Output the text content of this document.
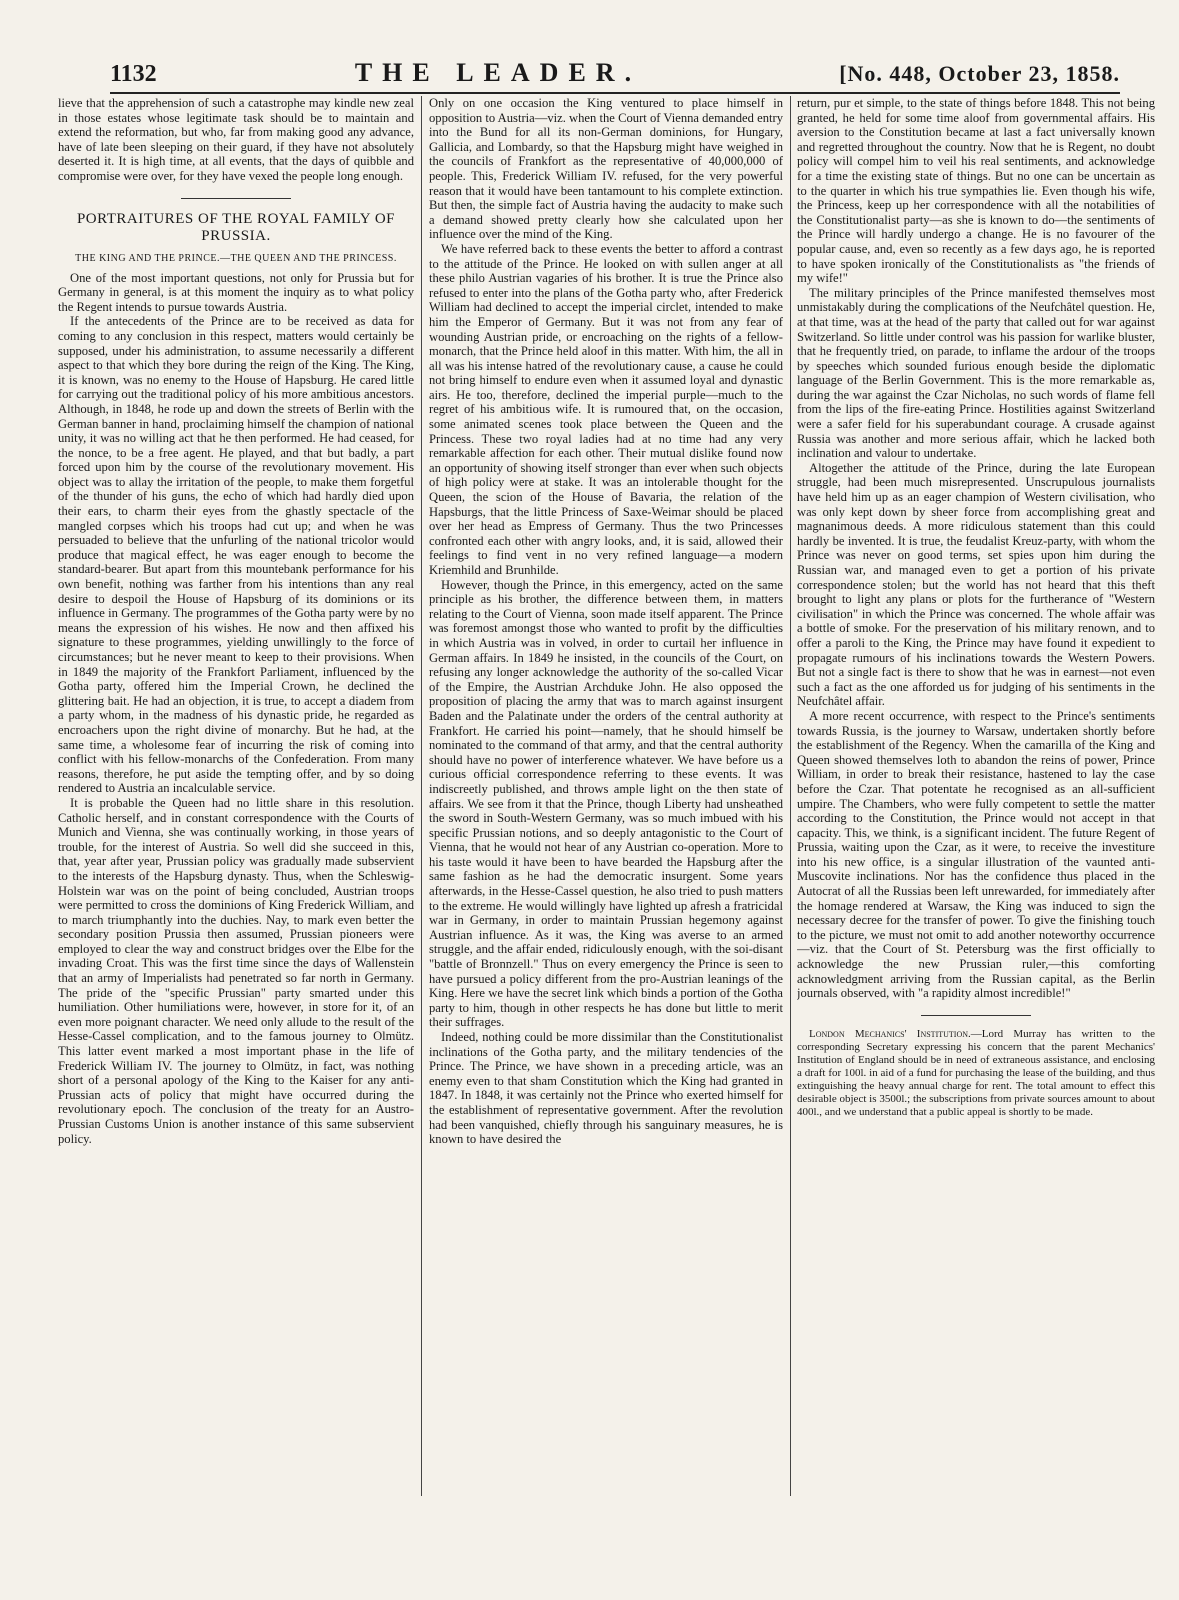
1132	THE LEADER.	[No. 448, October 23, 1858.

lieve that the apprehension of such a catastrophe may kindle new zeal in those estates whose legitimate task should be to maintain and extend the reformation, but who, far from making good any advance, have of late been sleeping on their guard, if they have not absolutely deserted it. It is high time, at all events, that the days of quibble and compromise were over, for they have vexed the people long enough.

PORTRAITURES OF THE ROYAL FAMILY OF PRUSSIA.
THE KING AND THE PRINCE.—THE QUEEN AND THE PRINCESS.

One of the most important questions, not only for Prussia but for Germany in general, is at this moment the inquiry as to what policy the Regent intends to pursue towards Austria.

If the antecedents of the Prince are to be received as data for coming to any conclusion in this respect, matters would certainly be supposed, under his administration, to assume necessarily a different aspect to that which they bore during the reign of the King. The King, it is known, was no enemy to the House of Hapsburg. He cared little for carrying out the traditional policy of his more ambitious ancestors. Although, in 1848, he rode up and down the streets of Berlin with the German banner in hand, proclaiming himself the champion of national unity, it was no willing act that he then performed. He had ceased, for the nonce, to be a free agent. He played, and that but badly, a part forced upon him by the course of the revolutionary movement. His object was to allay the irritation of the people, to make them forgetful of the thunder of his guns, the echo of which had hardly died upon their ears, to charm their eyes from the ghastly spectacle of the mangled corpses which his troops had cut up; and when he was persuaded to believe that the unfurling of the national tricolor would produce that magical effect, he was eager enough to become the standard-bearer. But apart from this mountebank performance for his own benefit, nothing was farther from his intentions than any real desire to despoil the House of Hapsburg of its dominions or its influence in Germany. The programmes of the Gotha party were by no means the expression of his wishes. He now and then affixed his signature to these programmes, yielding unwillingly to the force of circumstances; but he never meant to keep to their provisions. When in 1849 the majority of the Frankfort Parliament, influenced by the Gotha party, offered him the Imperial Crown, he declined the glittering bait. He had an objection, it is true, to accept a diadem from a party whom, in the madness of his dynastic pride, he regarded as encroachers upon the right divine of monarchy. But he had, at the same time, a wholesome fear of incurring the risk of coming into conflict with his fellow-monarchs of the Confederation. From many reasons, therefore, he put aside the tempting offer, and by so doing rendered to Austria an incalculable service.

It is probable the Queen had no little share in this resolution. Catholic herself, and in constant correspondence with the Courts of Munich and Vienna, she was continually working, in those years of trouble, for the interest of Austria. So well did she succeed in this, that, year after year, Prussian policy was gradually made subservient to the interests of the Hapsburg dynasty. Thus, when the Schleswig-Holstein war was on the point of being concluded, Austrian troops were permitted to cross the dominions of King Frederick William, and to march triumphantly into the duchies. Nay, to mark even better the secondary position Prussia then assumed, Prussian pioneers were employed to clear the way and construct bridges over the Elbe for the invading Croat. This was the first time since the days of Wallenstein that an army of Imperialists had penetrated so far north in Germany. The pride of the "specific Prussian" party smarted under this humiliation. Other humiliations were, however, in store for it, of an even more poignant character. We need only allude to the result of the Hesse-Cassel complication, and to the famous journey to Olmütz. This latter event marked a most important phase in the life of Frederick William IV. The journey to Olmütz, in fact, was nothing short of a personal apology of the King to the Kaiser for any anti-Prussian acts of policy that might have occurred during the revolutionary epoch. The conclusion of the treaty for an Austro-Prussian Customs Union is another instance of this same subservient policy.

Only on one occasion the King ventured to place himself in opposition to Austria—viz. when the Court of Vienna demanded entry into the Bund for all its non-German dominions, for Hungary, Gallicia, and Lombardy, so that the Hapsburg might have weighed in the councils of Frankfort as the representative of 40,000,000 of people. This, Frederick William IV. refused, for the very powerful reason that it would have been tantamount to his complete extinction. But then, the simple fact of Austria having the audacity to make such a demand showed pretty clearly how she calculated upon her influence over the mind of the King.

We have referred back to these events the better to afford a contrast to the attitude of the Prince. He looked on with sullen anger at all these philo Austrian vagaries of his brother. It is true the Prince also refused to enter into the plans of the Gotha party who, after Frederick William had declined to accept the imperial circlet, intended to make him the Emperor of Germany. But it was not from any fear of wounding Austrian pride, or encroaching on the rights of a fellow-monarch, that the Prince held aloof in this matter. With him, the all in all was his intense hatred of the revolutionary cause, a cause he could not bring himself to endure even when it assumed loyal and dynastic airs. He too, therefore, declined the imperial purple—much to the regret of his ambitious wife. It is rumoured that, on the occasion, some animated scenes took place between the Queen and the Princess. These two royal ladies had at no time had any very remarkable affection for each other. Their mutual dislike found now an opportunity of showing itself stronger than ever when such objects of high policy were at stake. It was an intolerable thought for the Queen, the scion of the House of Bavaria, the relation of the Hapsburgs, that the little Princess of Saxe-Weimar should be placed over her head as Empress of Germany. Thus the two Princesses confronted each other with angry looks, and, it is said, allowed their feelings to find vent in no very refined language—a modern Kriemhild and Brunhilde.

However, though the Prince, in this emergency, acted on the same principle as his brother, the difference between them, in matters relating to the Court of Vienna, soon made itself apparent. The Prince was foremost amongst those who wanted to profit by the difficulties in which Austria was in volved, in order to curtail her influence in German affairs. In 1849 he insisted, in the councils of the Court, on refusing any longer acknowledge the authority of the so-called Vicar of the Empire, the Austrian Archduke John. He also opposed the proposition of placing the army that was to march against insurgent Baden and the Palatinate under the orders of the central authority at Frankfort. He carried his point—namely, that he should himself be nominated to the command of that army, and that the central authority should have no power of interference whatever. We have before us a curious official correspondence referring to these events. It was indiscreetly published, and throws ample light on the then state of affairs. We see from it that the Prince, though Liberty had unsheathed the sword in South-Western Germany, was so much imbued with his specific Prussian notions, and so deeply antagonistic to the Court of Vienna, that he would not hear of any Austrian co-operation. More to his taste would it have been to have bearded the Hapsburg after the same fashion as he had the democratic insurgent. Some years afterwards, in the Hesse-Cassel question, he also tried to push matters to the extreme. He would willingly have lighted up afresh a fratricidal war in Germany, in order to maintain Prussian hegemony against Austrian influence. As it was, the King was averse to an armed struggle, and the affair ended, ridiculously enough, with the soi-disant "battle of Bronnzell." Thus on every emergency the Prince is seen to have pursued a policy different from the pro-Austrian leanings of the King. Here we have the secret link which binds a portion of the Gotha party to him, though in other respects he has done but little to merit their suffrages.

Indeed, nothing could be more dissimilar than the Constitutionalist inclinations of the Gotha party, and the military tendencies of the Prince. The Prince, we have shown in a preceding article, was an enemy even to that sham Constitution which the King had granted in 1847. In 1848, it was certainly not the Prince who exerted himself for the establishment of representative government. After the revolution had been vanquished, chiefly through his sanguinary measures, he is known to have desired the

return, pur et simple, to the state of things before 1848. This not being granted, he held for some time aloof from governmental affairs. His aversion to the Constitution became at last a fact universally known and regretted throughout the country. Now that he is Regent, no doubt policy will compel him to veil his real sentiments, and acknowledge for a time the existing state of things. But no one can be uncertain as to the quarter in which his true sympathies lie. Even though his wife, the Princess, keep up her correspondence with all the notabilities of the Constitutionalist party—as she is known to do—the sentiments of the Prince will hardly undergo a change. He is no favourer of the popular cause, and, even so recently as a few days ago, he is reported to have spoken ironically of the Constitutionalists as "the friends of my wife!"

The military principles of the Prince manifested themselves most unmistakably during the complications of the Neufchâtel question. He, at that time, was at the head of the party that called out for war against Switzerland. So little under control was his passion for warlike bluster, that he frequently tried, on parade, to inflame the ardour of the troops by speeches which sounded furious enough beside the diplomatic language of the Berlin Government. This is the more remarkable as, during the war against the Czar Nicholas, no such words of flame fell from the lips of the fire-eating Prince. Hostilities against Switzerland were a safer field for his superabundant courage. A crusade against Russia was another and more serious affair, which he lacked both inclination and valour to undertake.

Altogether the attitude of the Prince, during the late European struggle, had been much misrepresented. Unscrupulous journalists have held him up as an eager champion of Western civilisation, who was only kept down by sheer force from accomplishing great and magnanimous deeds. A more ridiculous statement than this could hardly be invented. It is true, the feudalist Kreuz-party, with whom the Prince was never on good terms, set spies upon him during the Russian war, and managed even to get a portion of his private correspondence stolen; but the world has not heard that this theft brought to light any plans or plots for the furtherance of "Western civilisation" in which the Prince was concerned. The whole affair was a bottle of smoke. For the preservation of his military renown, and to offer a paroli to the King, the Prince may have found it expedient to propagate rumours of his inclinations towards the Western Powers. But not a single fact is there to show that he was in earnest—not even such a fact as the one afforded us for judging of his sentiments in the Neufchâtel affair.

A more recent occurrence, with respect to the Prince's sentiments towards Russia, is the journey to Warsaw, undertaken shortly before the establishment of the Regency. When the camarilla of the King and Queen showed themselves loth to abandon the reins of power, Prince William, in order to break their resistance, hastened to lay the case before the Czar. That potentate he recognised as an all-sufficient umpire. The Chambers, who were fully competent to settle the matter according to the Constitution, the Prince would not accept in that capacity. This, we think, is a significant incident. The future Regent of Prussia, waiting upon the Czar, as it were, to receive the investiture into his new office, is a singular illustration of the vaunted anti-Muscovite inclinations. Nor has the confidence thus placed in the Autocrat of all the Russias been left unrewarded, for immediately after the homage rendered at Warsaw, the King was induced to sign the necessary decree for the transfer of power. To give the finishing touch to the picture, we must not omit to add another noteworthy occurrence—viz. that the Court of St. Petersburg was the first officially to acknowledge the new Prussian ruler,—this comforting acknowledgment arriving from the Russian capital, as the Berlin journals observed, with "a rapidity almost incredible!"

London Mechanics' Institution.—Lord Murray has written to the corresponding Secretary expressing his concern that the parent Mechanics' Institution of England should be in need of extraneous assistance, and enclosing a draft for 100l. in aid of a fund for purchasing the lease of the building, and thus extinguishing the heavy annual charge for rent. The total amount to effect this desirable object is 3500l.; the subscriptions from private sources amount to about 400l., and we understand that a public appeal is shortly to be made.
